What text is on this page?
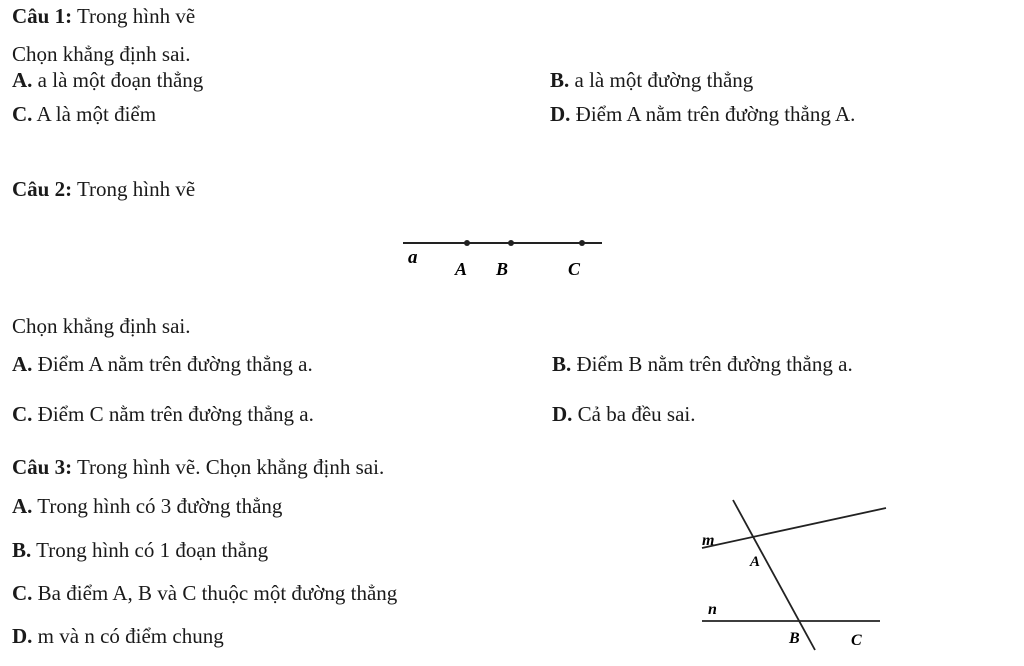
Câu 1: Trong hình vẽ
Chọn khẳng định sai.
A. a là một đoạn thẳng	B. a là một đường thẳng
C. A là một điểm	D. Điểm A nằm trên đường thẳng A.
Câu 2: Trong hình vẽ
a
A B	C
Chọn khẳng định sai.
A. Điểm A nằm trên đường thẳng a.	B. Điểm B nằm trên đường thẳng a.
C. Điểm C nằm trên đường thẳng a.	D. Cả ba đều sai.
Câu 3: Trong hình vẽ. Chọn khẳng định sai.
A. Trong hình có 3 đường thẳng
B. Trong hình có 1 đoạn thẳng
C. Ba điểm A, B và C thuộc một đường thẳng
D. m và n có điểm chung
m
A
n
B	C
